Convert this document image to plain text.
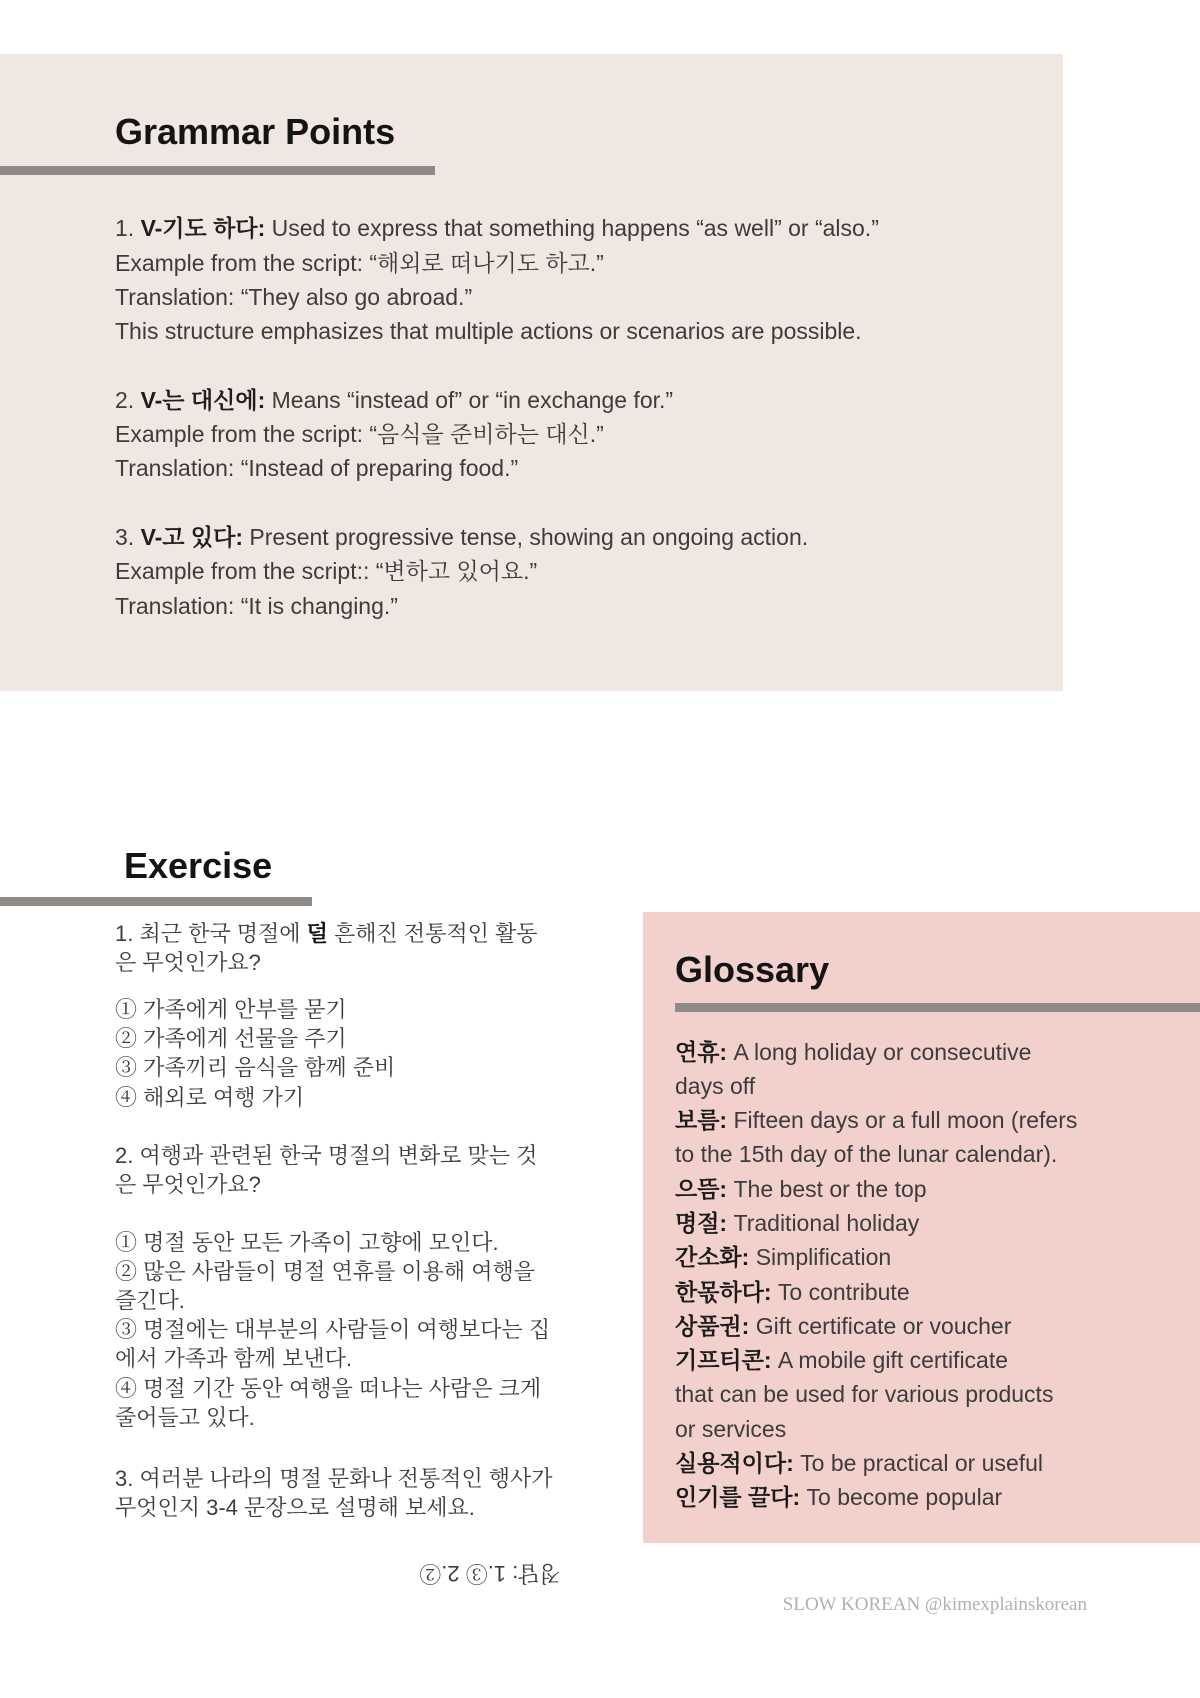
Grammar Points
1. V-기도 하다: Used to express that something happens “as well” or “also.”
Example from the script: “해외로 떠나기도 하고.”
Translation: “They also go abroad.”
This structure emphasizes that multiple actions or scenarios are possible.
2. V-는 대신에: Means “instead of” or “in exchange for.”
Example from the script: “음식을 준비하는 대신.”
Translation: “Instead of preparing food.”
3. V-고 있다: Present progressive tense, showing an ongoing action.
Example from the script:: “변하고 있어요.”
Translation: “It is changing.”
Exercise
1. 최근 한국 명절에 덜 흔해진 전통적인 활동
은 무엇인가요?
① 가족에게 안부를 묻기
② 가족에게 선물을 주기
③ 가족끼리 음식을 함께 준비
④ 해외로 여행 가기
2. 여행과 관련된 한국 명절의 변화로 맞는 것
은 무엇인가요?
① 명절 동안 모든 가족이 고향에 모인다.
② 많은 사람들이 명절 연휴를 이용해 여행을
즐긴다.
③ 명절에는 대부분의 사람들이 여행보다는 집
에서 가족과 함께 보낸다.
④ 명절 기간 동안 여행을 떠나는 사람은 크게
줄어들고 있다.
3. 여러분 나라의 명절 문화나 전통적인 행사가
무엇인지 3-4 문장으로 설명해 보세요.
정답: 1.③ 2.②
Glossary
연휴: A long holiday or consecutive
days off
보름: Fifteen days or a full moon (refers
to the 15th day of the lunar calendar).
으뜸: The best or the top
명절: Traditional holiday
간소화: Simplification
한몫하다: To contribute
상품권: Gift certificate or voucher
기프티콘: A mobile gift certificate
that can be used for various products
or services
실용적이다: To be practical or useful
인기를 끌다: To become popular
SLOW KOREAN @kimexplainskorean
